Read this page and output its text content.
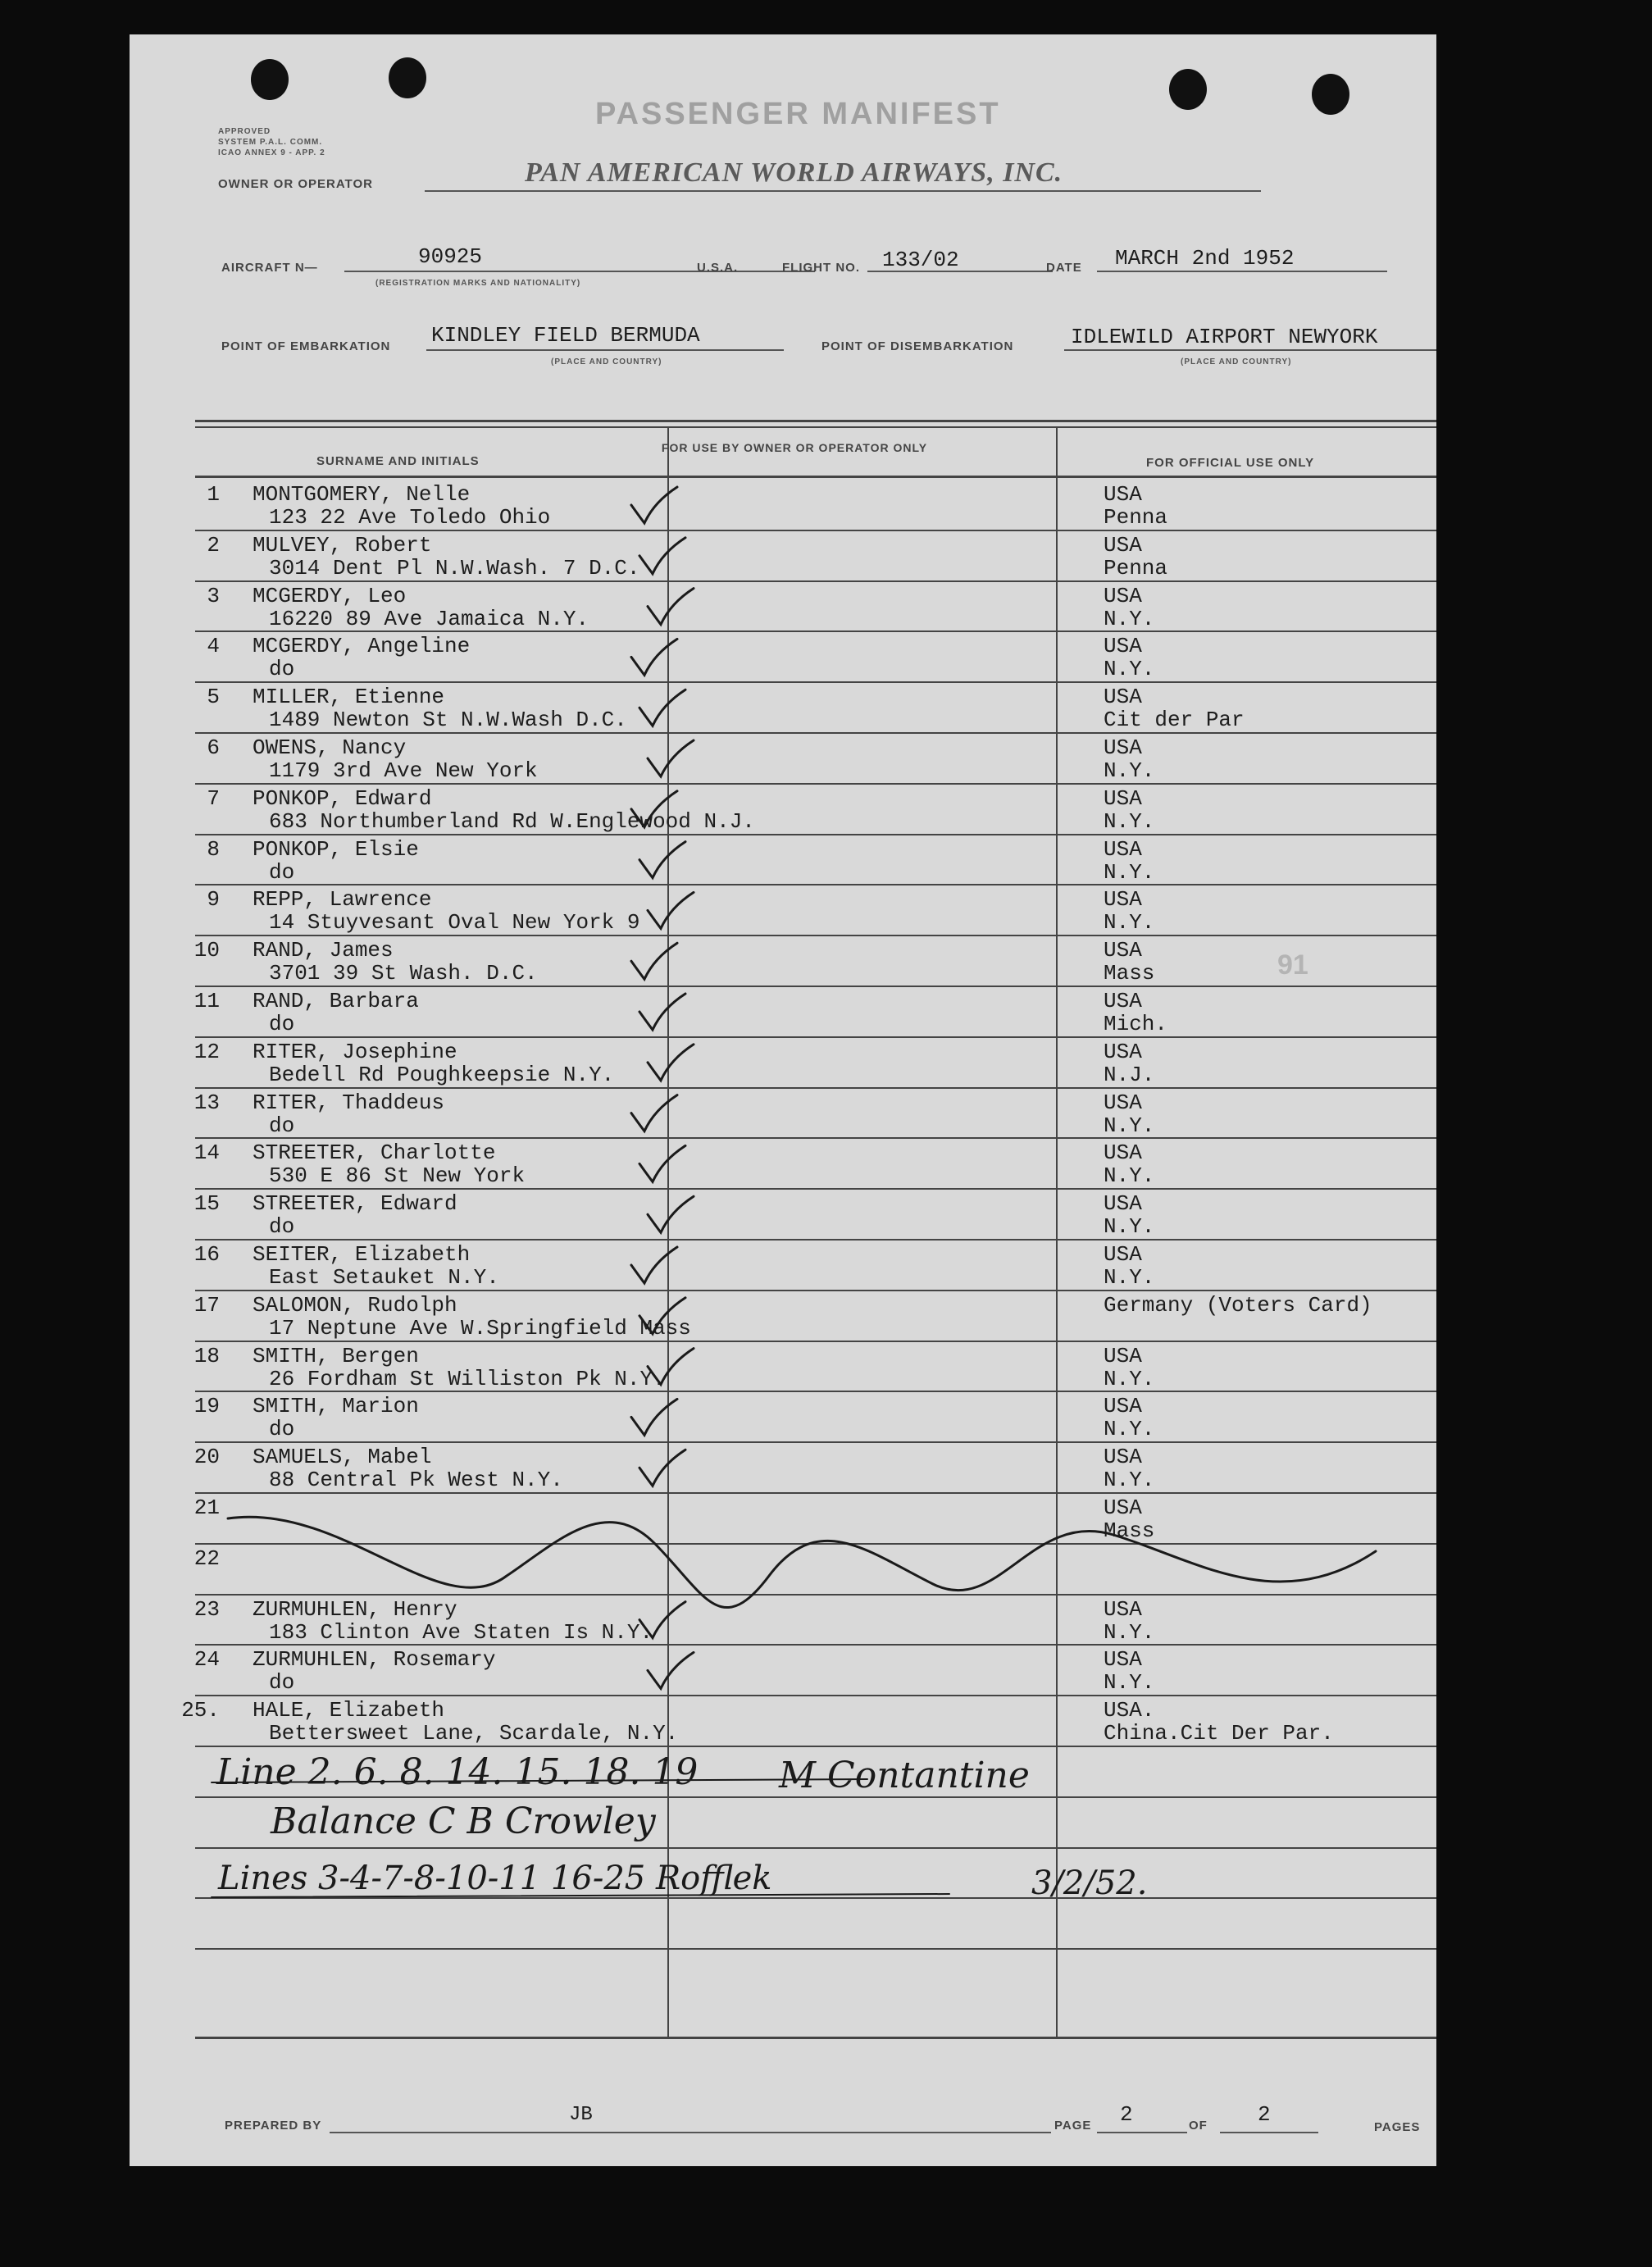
APPROVED
SYSTEM P.A.L. COMM.
ICAO ANNEX 9 - APP. 2
PASSENGER MANIFEST
OWNER OR OPERATOR	PAN AMERICAN WORLD AIRWAYS, INC.
AIRCRAFT N—	90925
(REGISTRATION MARKS AND NATIONALITY)
U.S.A.	FLIGHT NO. 133/02	DATE MARCH 2nd 1952
POINT OF EMBARKATION KINDLEY FIELD BERMUDA
(PLACE AND COUNTRY)
POINT OF DISEMBARKATION	IDLEWILD AIRPORT NEWYORK
(PLACE AND COUNTRY)
SURNAME AND INITIALS
FOR USE BY OWNER OR OPERATOR ONLY
FOR OFFICIAL USE ONLY
1 MONTGOMERY, Nelle
123 22 Ave Toledo Ohio
USA
Penna
2 MULVEY, Robert
3014 Dent Pl N.W.Wash. 7 D.C.
USA
Penna
3 MCGERDY, Leo
16220 89 Ave Jamaica N.Y.
USA
N.Y.
4 MCGERDY, Angeline
do
USA
N.Y.
5 MILLER, Etienne
1489 Newton St N.W.Wash D.C.
USA
Cit der Par
6 OWENS, Nancy
1179 3rd Ave New York
USA
N.Y.
7 PONKOP, Edward
683 Northumberland Rd W.Englewood N.J.
USA
N.Y.
8 PONKOP, Elsie
do
USA
N.Y.
9 REPP, Lawrence
14 Stuyvesant Oval New York 9
USA
N.Y.
10 RAND, James
3701 39 St Wash. D.C.
USA
Mass
11 RAND, Barbara
do
USA
Mich.
12 RITER, Josephine
Bedell Rd Poughkeepsie N.Y.
USA
N.J.
13 RITER, Thaddeus
do
USA
N.Y.
14 STREETER, Charlotte
530 E 86 St New York
USA
N.Y.
15 STREETER, Edward
do
USA
N.Y.
16 SEITER, Elizabeth
East Setauket N.Y.
USA
N.Y.
17 SALOMON, Rudolph
17 Neptune Ave W.Springfield Mass
Germany (Voters Card)
18 SMITH, Bergen
26 Fordham St Williston Pk N.Y.
USA
N.Y.
19 SMITH, Marion
do
USA
N.Y.
20 SAMUELS, Mabel
88 Central Pk West N.Y.
USA
N.Y.
21	USA
Mass
22
23 ZURMUHLEN, Henry
183 Clinton Ave Staten Is N.Y.
USA
N.Y.
24 ZURMUHLEN, Rosemary
do
USA
N.Y.
25. HALE, Elizabeth
Bettersweet Lane, Scardale, N.Y.
USA.
China.Cit Der Par.
91
Line 2. 6. 8. 14. 15. 18. 19 M Contantine
Balance C B Crowley
Lines 3-4-7-8-10-11 16-25 Rofflek	3/2/52.
PREPARED BY	JB	PAGE 2	OF 2
PAGES
